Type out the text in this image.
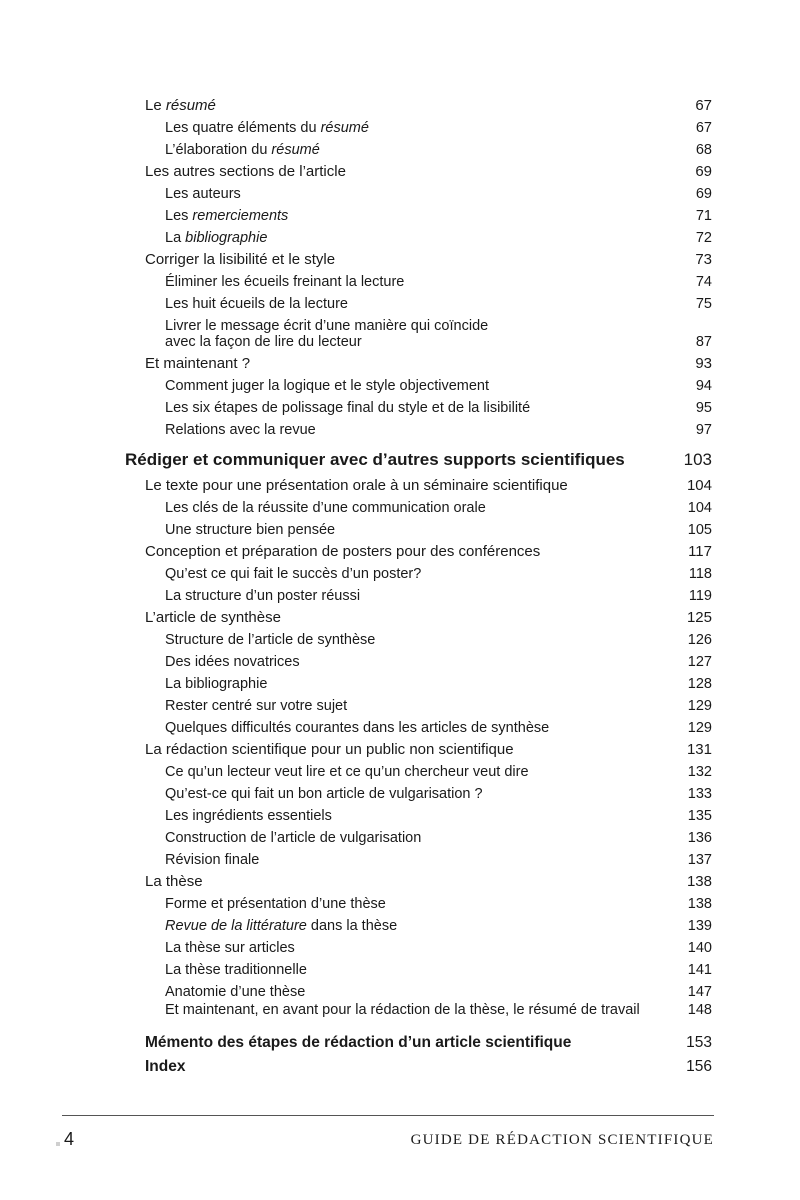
Le résumé	67
Les quatre éléments du résumé	67
L’élaboration du résumé	68
Les autres sections de l’article	69
Les auteurs	69
Les remerciements	71
La bibliographie	72
Corriger la lisibilité et le style	73
Éliminer les écueils freinant la lecture	74
Les huit écueils de la lecture	75
Livrer le message écrit d’une manière qui coïncide
avec la façon de lire du lecteur	87
Et maintenant ?	93
Comment juger la logique et le style objectivement	94
Les six étapes de polissage final du style et de la lisibilité	95
Relations avec la revue	97
Rédiger et communiquer avec d’autres supports scientifiques	103
Le texte pour une présentation orale à un séminaire scientifique	104
Les clés de la réussite d’une communication orale	104
Une structure bien pensée	105
Conception et préparation de posters pour des conférences	117
Qu’est ce qui fait le succès d’un poster?	118
La structure d’un poster réussi	119
L’article de synthèse	125
Structure de l’article de synthèse	126
Des idées novatrices	127
La bibliographie	128
Rester centré sur votre sujet	129
Quelques difficultés courantes dans les articles de synthèse	129
La rédaction scientifique pour un public non scientifique	131
Ce qu’un lecteur veut lire et ce qu’un chercheur veut dire	132
Qu’est-ce qui fait un bon article de vulgarisation ?	133
Les ingrédients essentiels	135
Construction de l’article de vulgarisation	136
Révision finale	137
La thèse	138
Forme et présentation d’une thèse	138
Revue de la littérature dans la thèse	139
La thèse sur articles	140
La thèse traditionnelle	141
Anatomie d’une thèse	147
Et maintenant, en avant pour la rédaction de la thèse, le résumé de travail	148
Mémento des étapes de rédaction d’un article scientifique	153
Index	156
4	GUIDE DE RÉDACTION SCIENTIFIQUE
